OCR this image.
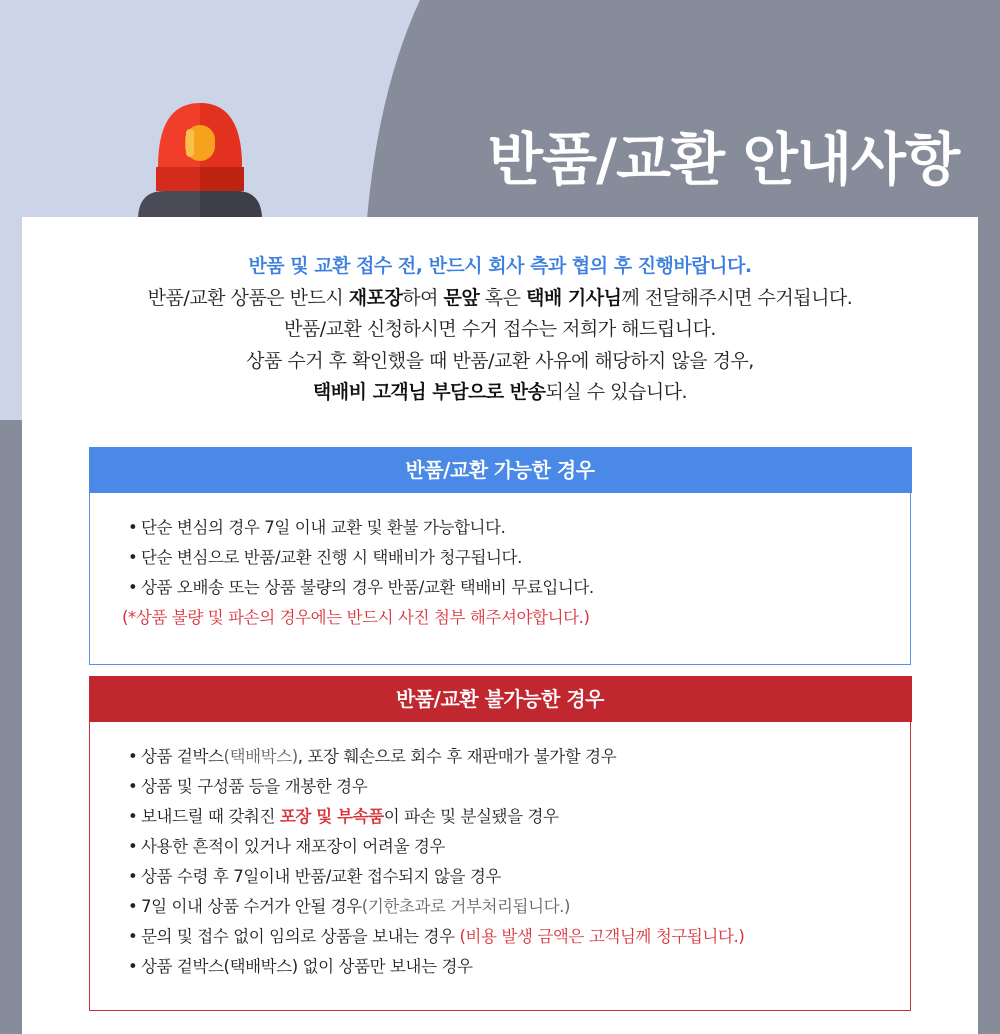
반품/교환 안내사항
반품 및 교환 접수 전, 반드시 회사 측과 협의 후 진행바랍니다.
반품/교환 상품은 반드시 재포장하여 문앞 혹은 택배 기사님께 전달해주시면 수거됩니다.
반품/교환 신청하시면 수거 접수는 저희가 해드립니다.
상품 수거 후 확인했을 때 반품/교환 사유에 해당하지 않을 경우,
택배비 고객님 부담으로 반송되실 수 있습니다.
반품/교환 가능한 경우
• 단순 변심의 경우 7일 이내 교환 및 환불 가능합니다.
• 단순 변심으로 반품/교환 진행 시 택배비가 청구됩니다.
• 상품 오배송 또는 상품 불량의 경우 반품/교환 택배비 무료입니다.
(*상품 불량 및 파손의 경우에는 반드시 사진 첨부 해주셔야합니다.)
반품/교환 불가능한 경우
• 상품 겉박스(택배박스), 포장 훼손으로 회수 후 재판매가 불가할 경우
• 상품 및 구성품 등을 개봉한 경우
• 보내드릴 때 갖춰진 포장 및 부속품이 파손 및 분실됐을 경우
• 사용한 흔적이 있거나 재포장이 어려울 경우
• 상품 수령 후 7일이내 반품/교환 접수되지 않을 경우
• 7일 이내 상품 수거가 안될 경우(기한초과로 거부처리됩니다.)
• 문의 및 접수 없이 임의로 상품을 보내는 경우 (비용 발생 금액은 고객님께 청구됩니다.)
• 상품 겉박스(택배박스) 없이 상품만 보내는 경우
